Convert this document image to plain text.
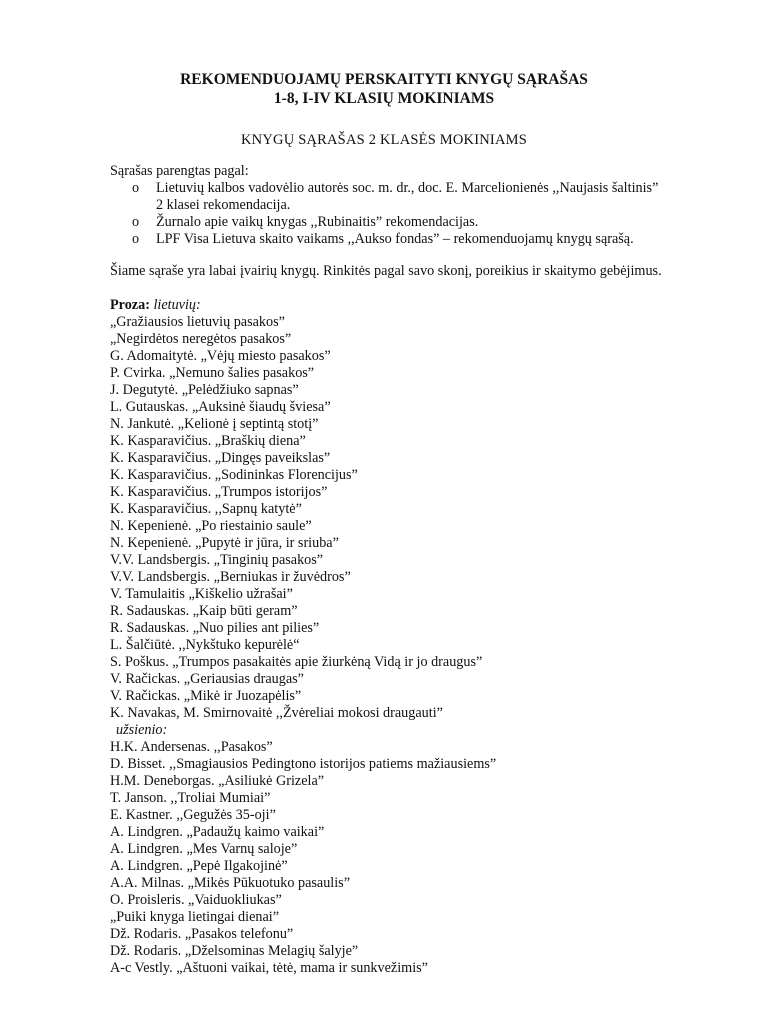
REKOMENDUOJAMŲ PERSKAITYTI KNYGŲ SĄRAŠAS
1-8, I-IV KLASIŲ MOKINIAMS
KNYGŲ SĄRAŠAS 2 KLASĖS MOKINIAMS
Sąrašas parengtas pagal:
o Lietuvių kalbos vadovėlio autorės soc. m. dr., doc. E. Marcelionienės ,,Naujasis šaltinis”
2 klasei rekomendacija.
o Žurnalo apie vaikų knygas ,,Rubinaitis” rekomendacijas.
o LPF Visa Lietuva skaito vaikams ,,Aukso fondas” – rekomenduojamų knygų sąrašą.
Šiame sąraše yra labai įvairių knygų. Rinkitės pagal savo skonį, poreikius ir skaitymo gebėjimus.
Proza: lietuvių:
„Gražiausios lietuvių pasakos”
„Negirdėtos neregėtos pasakos”
G. Adomaitytė. „Vėjų miesto pasakos”
P. Cvirka. „Nemuno šalies pasakos”
J. Degutytė. „Pelėdžiuko sapnas”
L. Gutauskas. „Auksinė šiaudų šviesa”
N. Jankutė. „Kelionė į septintą stotį”
K. Kasparavičius. „Braškių diena”
K. Kasparavičius. „Dingęs paveikslas”
K. Kasparavičius. „Sodininkas Florencijus”
K. Kasparavičius. „Trumpos istorijos”
K. Kasparavičius. ,,Sapnų katytė”
N. Kepenienė. „Po riestainio saule”
N. Kepenienė. „Pupytė ir jūra, ir sriuba”
V.V. Landsbergis. „Tinginių pasakos”
V.V. Landsbergis. „Berniukas ir žuvėdros”
V. Tamulaitis „Kiškelio užrašai”
R. Sadauskas. „Kaip būti geram”
R. Sadauskas. „Nuo pilies ant pilies”
L. Šalčiūtė. ,,Nykštuko kepurėlė“
S. Poškus. „Trumpos pasakaitės apie žiurkėną Vidą ir jo draugus”
V. Račickas. „Geriausias draugas”
V. Račickas. „Mikė ir Juozapėlis”
K. Navakas, M. Smirnovaitė ,,Žvėreliai mokosi draugauti”
užsienio:
H.K. Andersenas. ,,Pasakos”
D. Bisset. ,,Smagiausios Pedingtono istorijos patiems mažiausiems”
H.M. Deneborgas. „Asiliukė Grizela”
T. Janson. ,,Troliai Mumiai”
E. Kastner. ,,Gegužės 35-oji”
A. Lindgren. „Padaužų kaimo vaikai”
A. Lindgren. „Mes Varnų saloje”
A. Lindgren. „Pepė Ilgakojinė”
A.A. Milnas. „Mikės Pūkuotuko pasaulis”
O. Proisleris. „Vaiduokliukas”
„Puiki knyga lietingai dienai”
Dž. Rodaris. „Pasakos telefonu”
Dž. Rodaris. „Dželsominas Melagių šalyje”
A-c Vestly. „Aštuoni vaikai, tėtė, mama ir sunkvežimis”
